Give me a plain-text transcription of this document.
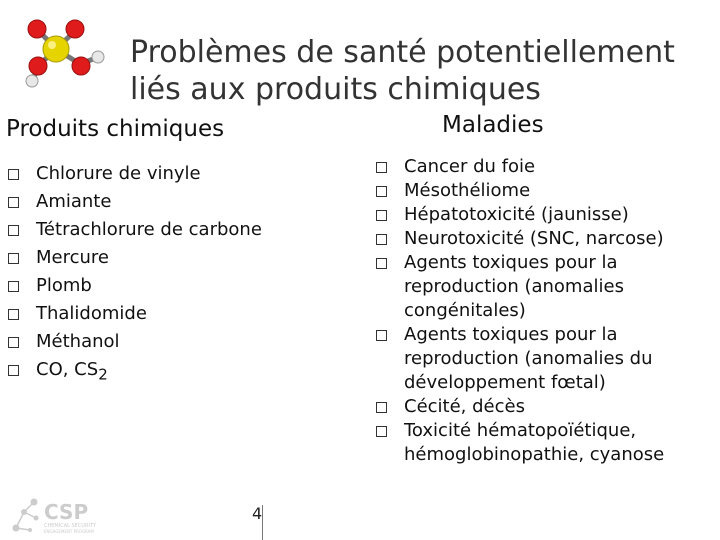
Problèmes de santé potentiellement
liés aux produits chimiques
Produits chimiques	Maladies
Chlorure de vinyle
Amiante
Tétrachlorure de carbone
Mercure
Plomb
Thalidomide
Méthanol
CO, $CS_2$
Cancer du foie
Mésothéliome
Hépatotoxicité (jaunisse)
Neurotoxicité (SNC, narcose)
Agents toxiques pour la reproduction (anomalies congénitales)
Agents toxiques pour la reproduction (anomalies du développement fœtal)
Cécité, décès
Toxicité hématopoïétique, hémoglobinopathie, cyanose
CSP
CHEMICAL SECURITY
ENGAGEMENT PROGRAM
4
